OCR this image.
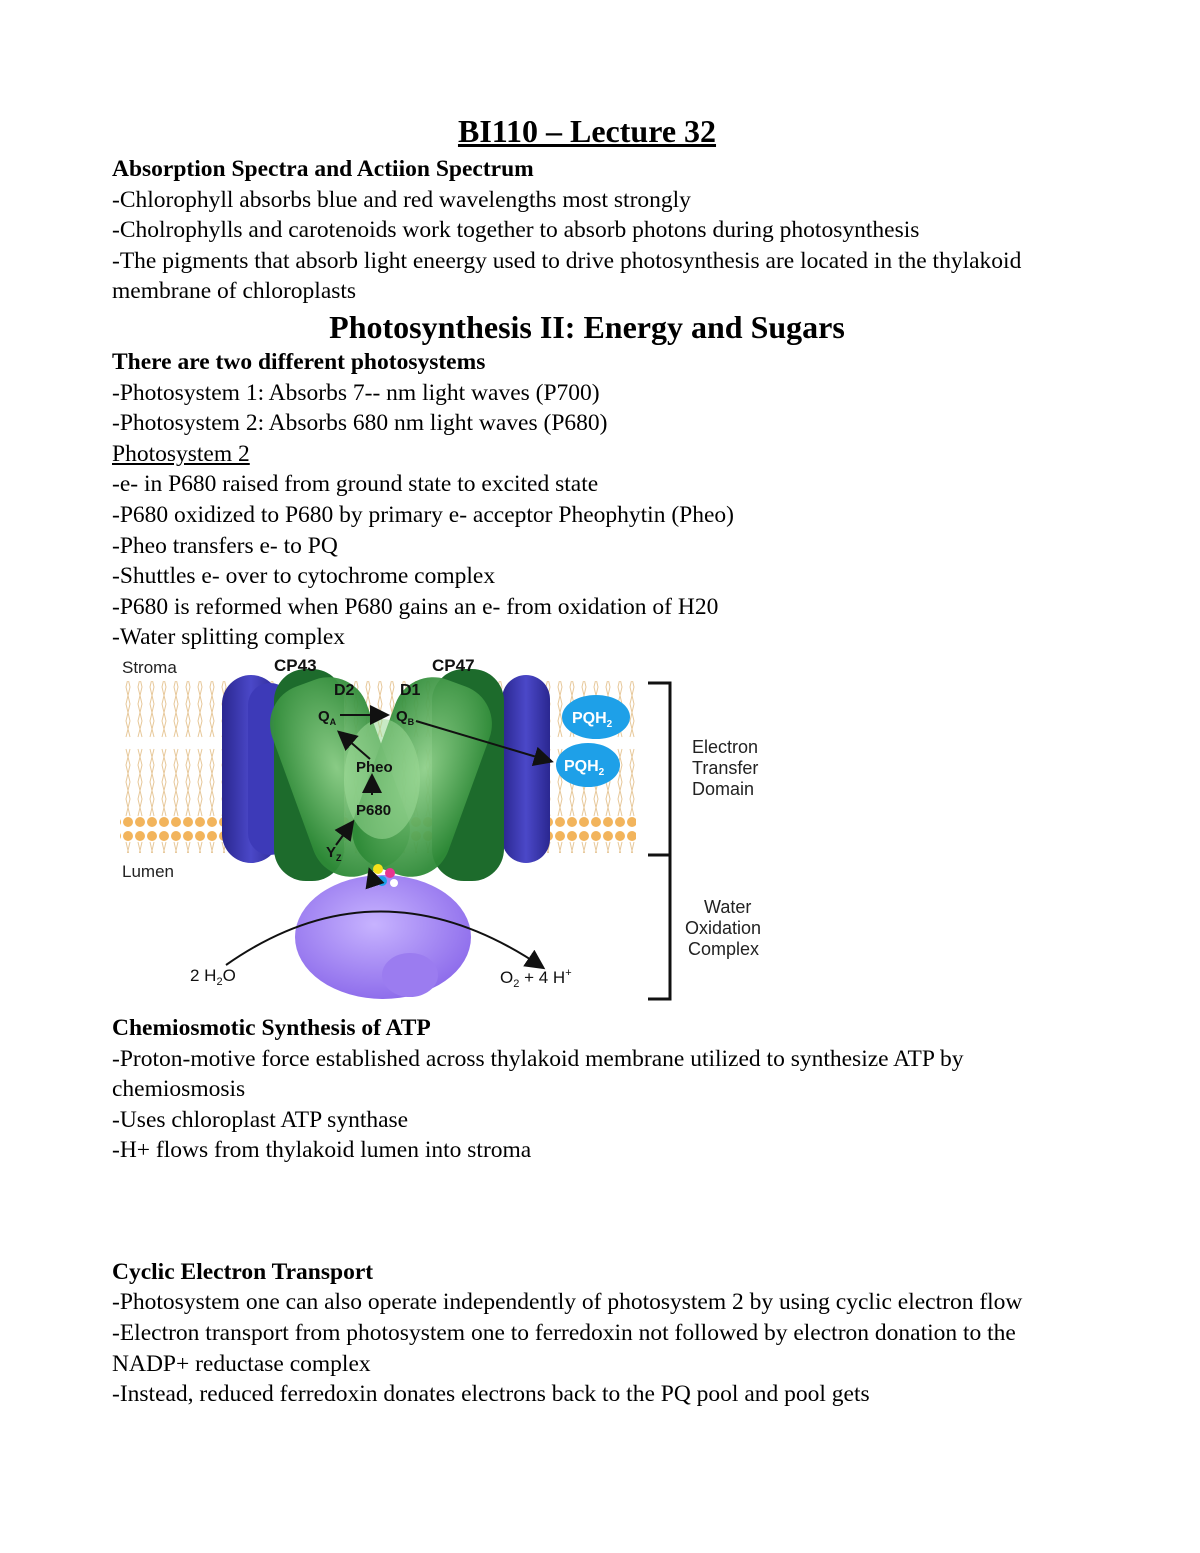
BI110 – Lecture 32

Absorption Spectra and Actiion Spectrum

-Chlorophyll absorbs blue and red wavelengths most strongly

-Cholrophylls and carotenoids work together to absorb photons during photosynthesis

-The pigments that absorb light eneergy used to drive photosynthesis are located in the thylakoid membrane of chloroplasts

Photosynthesis II: Energy and Sugars

There are two different photosystems

-Photosystem 1: Absorbs 7-- nm light waves (P700)

-Photosystem 2: Absorbs 680 nm light waves (P680)

Photosystem 2

-e- in P680 raised from ground state to excited state

-P680 oxidized to P680 by primary e- acceptor Pheophytin (Pheo)

-Pheo transfers e- to PQ

-Shuttles e- over to cytochrome complex

-P680 is reformed when P680 gains an e- from oxidation of H20

-Water splitting complex

Stroma
Lumen
CP43	CP47
D2	D1
$Q_A$	$Q_B$
Pheo
P680
$Y_Z$
$PQH_2$
$PQH_2$
Electron Transfer Domain
Water Oxidation Complex
2 $H_2O$	$O_2 + 4$ H+

Chemiosmotic Synthesis of ATP

-Proton-motive force established across thylakoid membrane utilized to synthesize ATP by chemiosmosis

-Uses chloroplast ATP synthase

-H+ flows from thylakoid lumen into stroma

Cyclic Electron Transport

-Photosystem one can also operate independently of photosystem 2 by using cyclic electron flow

-Electron transport from photosystem one to ferredoxin not followed by electron donation to the NADP+ reductase complex

-Instead, reduced ferredoxin donates electrons back to the PQ pool and pool gets
